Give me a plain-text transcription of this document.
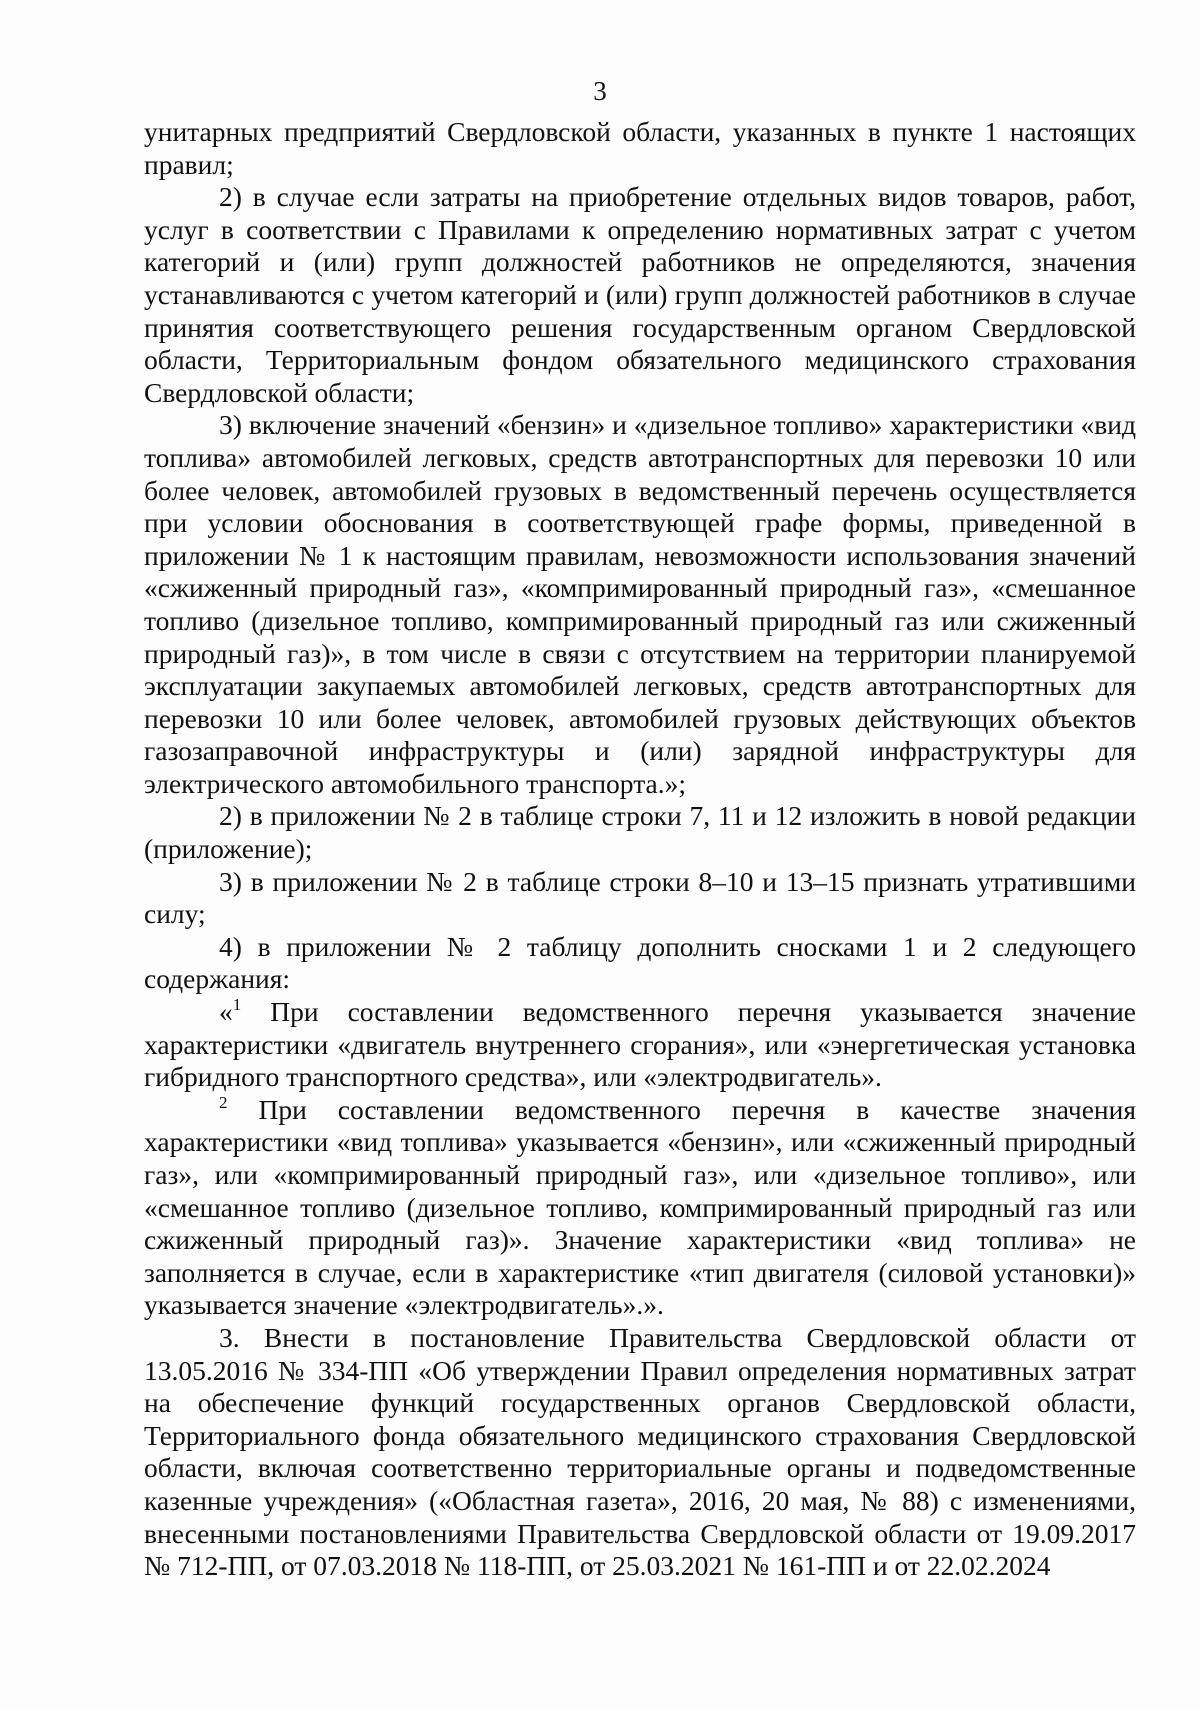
3

унитарных предприятий Свердловской области, указанных в пункте 1 настоящих правил;

2) в случае если затраты на приобретение отдельных видов товаров, работ, услуг в соответствии с Правилами к определению нормативных затрат с учетом категорий и (или) групп должностей работников не определяются, значения устанавливаются с учетом категорий и (или) групп должностей работников в случае принятия соответствующего решения государственным органом Свердловской области, Территориальным фондом обязательного медицинского страхования Свердловской области;

3) включение значений «бензин» и «дизельное топливо» характеристики «вид топлива» автомобилей легковых, средств автотранспортных для перевозки 10 или более человек, автомобилей грузовых в ведомственный перечень осуществляется при условии обоснования в соответствующей графе формы, приведенной в приложении № 1 к настоящим правилам, невозможности использования значений «сжиженный природный газ», «компримированный природный газ», «смешанное топливо (дизельное топливо, компримированный природный газ или сжиженный природный газ)», в том числе в связи с отсутствием на территории планируемой эксплуатации закупаемых автомобилей легковых, средств автотранспортных для перевозки 10 или более человек, автомобилей грузовых действующих объектов газозаправочной инфраструктуры и (или) зарядной инфраструктуры для электрического автомобильного транспорта.»;

2) в приложении № 2 в таблице строки 7, 11 и 12 изложить в новой редакции (приложение);

3) в приложении № 2 в таблице строки 8–10 и 13–15 признать утратившими силу;

4) в приложении № 2 таблицу дополнить сносками 1 и 2 следующего содержания:

«$^1$ При составлении ведомственного перечня указывается значение характеристики «двигатель внутреннего сгорания», или «энергетическая установка гибридного транспортного средства», или «электродвигатель».

$^2$ При составлении ведомственного перечня в качестве значения характеристики «вид топлива» указывается «бензин», или «сжиженный природный газ», или «компримированный природный газ», или «дизельное топливо», или «смешанное топливо (дизельное топливо, компримированный природный газ или сжиженный природный газ)». Значение характеристики «вид топлива» не заполняется в случае, если в характеристике «тип двигателя (силовой установки)» указывается значение «электродвигатель».».

3. Внести в постановление Правительства Свердловской области от 13.05.2016 № 334-ПП «Об утверждении Правил определения нормативных затрат на обеспечение функций государственных органов Свердловской области, Территориального фонда обязательного медицинского страхования Свердловской области, включая соответственно территориальные органы и подведомственные казенные учреждения» («Областная газета», 2016, 20 мая, № 88) с изменениями, внесенными постановлениями Правительства Свердловской области от 19.09.2017 № 712-ПП, от 07.03.2018 № 118-ПП, от 25.03.2021 № 161-ПП и от 22.02.2024
